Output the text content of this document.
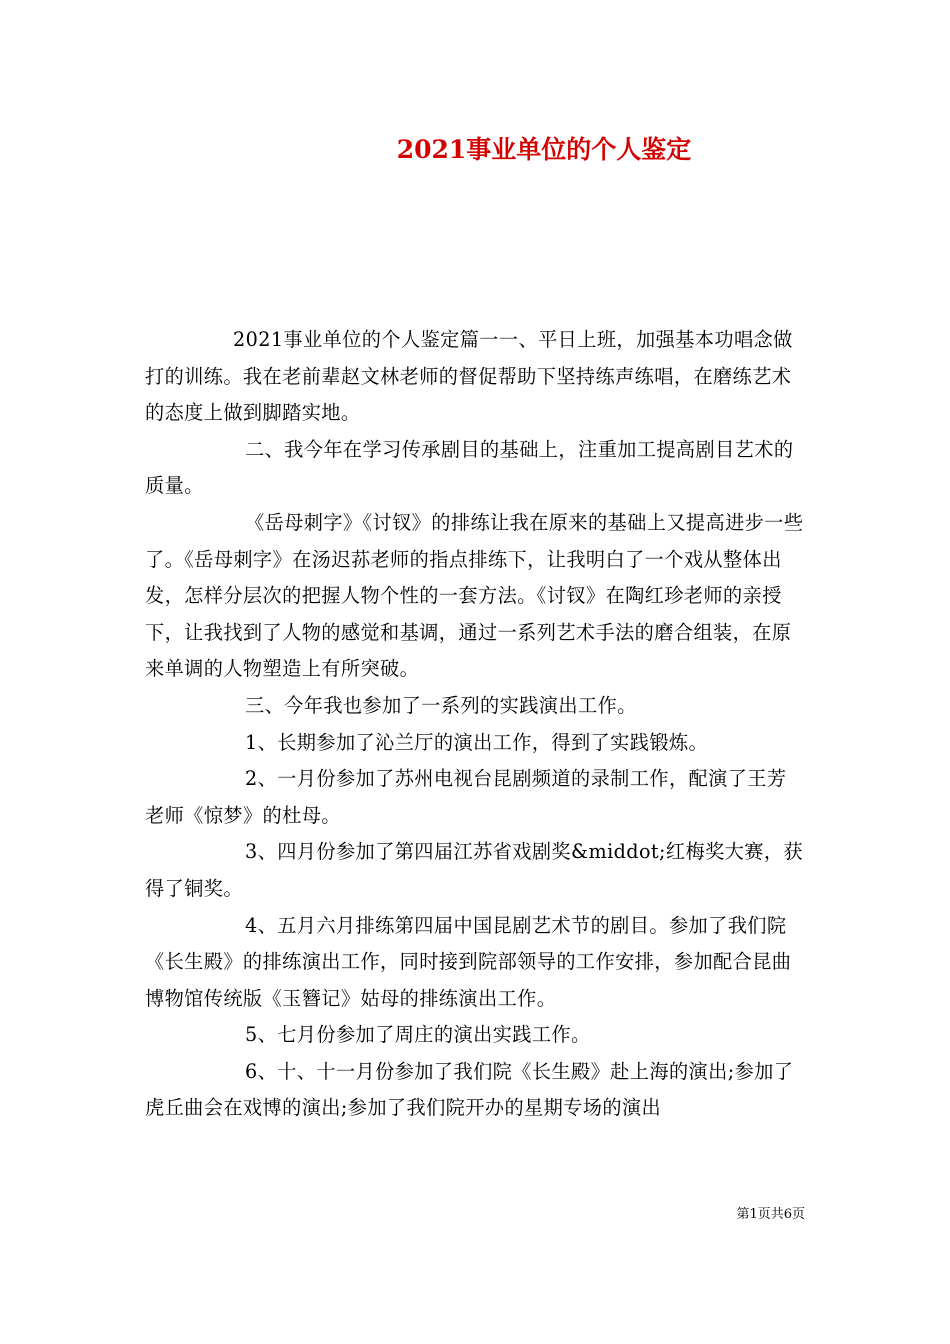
2021事业单位的个人鉴定

2021事业单位的个人鉴定篇一一、平日上班，加强基本功唱念做打的训练。我在老前辈赵文林老师的督促帮助下坚持练声练唱，在磨练艺术的态度上做到脚踏实地。

二、我今年在学习传承剧目的基础上，注重加工提高剧目艺术的质量。

《岳母刺字》《讨钗》的排练让我在原来的基础上又提高进步一些了。《岳母刺字》在汤迟荪老师的指点排练下，让我明白了一个戏从整体出发，怎样分层次的把握人物个性的一套方法。《讨钗》在陶红珍老师的亲授下，让我找到了人物的感觉和基调，通过一系列艺术手法的磨合组装，在原来单调的人物塑造上有所突破。

三、今年我也参加了一系列的实践演出工作。

1、长期参加了沁兰厅的演出工作，得到了实践锻炼。

2、一月份参加了苏州电视台昆剧频道的录制工作，配演了王芳老师《惊梦》的杜母。

3、四月份参加了第四届江苏省戏剧奖&middot;红梅奖大赛，获得了铜奖。

4、五月六月排练第四届中国昆剧艺术节的剧目。参加了我们院《长生殿》的排练演出工作，同时接到院部领导的工作安排，参加配合昆曲博物馆传统版《玉簪记》姑母的排练演出工作。

5、七月份参加了周庄的演出实践工作。

6、十、十一月份参加了我们院《长生殿》赴上海的演出;参加了虎丘曲会在戏博的演出;参加了我们院开办的星期专场的演出

第1页共6页
